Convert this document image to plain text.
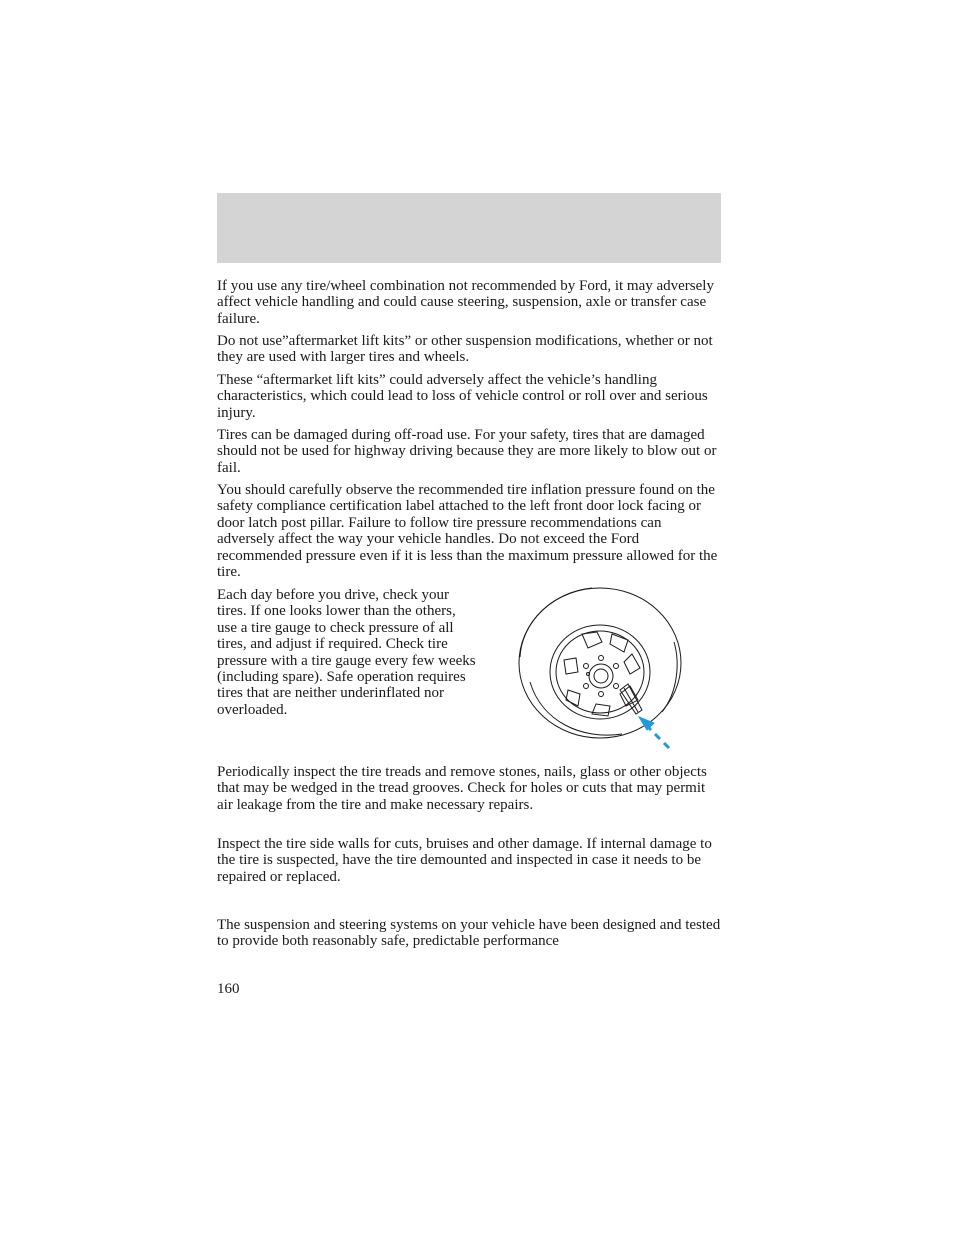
If you use any tire/wheel combination not recommended by Ford, it may adversely affect vehicle handling and could cause steering, suspension, axle or transfer case failure.

Do not use”aftermarket lift kits” or other suspension modifications, whether or not they are used with larger tires and wheels.

These “aftermarket lift kits” could adversely affect the vehicle’s handling characteristics, which could lead to loss of vehicle control or roll over and serious injury.

Tires can be damaged during off-road use. For your safety, tires that are damaged should not be used for highway driving because they are more likely to blow out or fail.

You should carefully observe the recommended tire inflation pressure found on the safety compliance certification label attached to the left front door lock facing or door latch post pillar. Failure to follow tire pressure recommendations can adversely affect the way your vehicle handles. Do not exceed the Ford recommended pressure even if it is less than the maximum pressure allowed for the tire.

Each day before you drive, check your tires. If one looks lower than the others, use a tire gauge to check pressure of all tires, and adjust if required. Check tire pressure with a tire gauge every few weeks (including spare). Safe operation requires tires that are neither underinflated nor overloaded.

Periodically inspect the tire treads and remove stones, nails, glass or other objects that may be wedged in the tread grooves. Check for holes or cuts that may permit air leakage from the tire and make necessary repairs.

Inspect the tire side walls for cuts, bruises and other damage. If internal damage to the tire is suspected, have the tire demounted and inspected in case it needs to be repaired or replaced.

The suspension and steering systems on your vehicle have been designed and tested to provide both reasonably safe, predictable performance

160
